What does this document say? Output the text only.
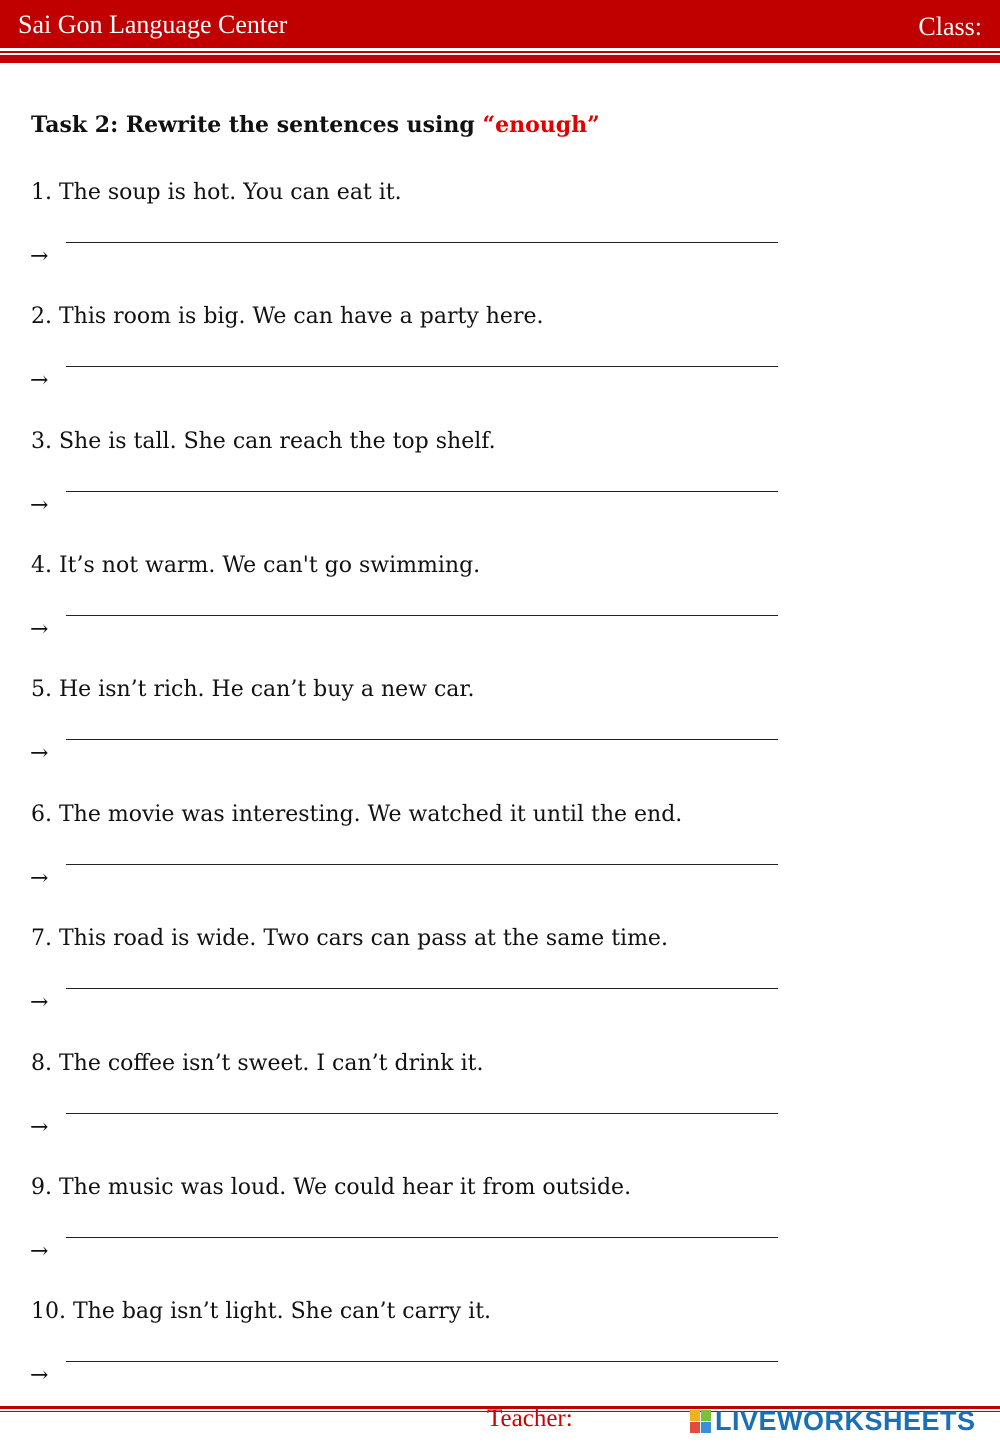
Sai Gon Language Center	Class:
Task 2: Rewrite the sentences using “enough”
1. The soup is hot. You can eat it.
→
2. This room is big. We can have a party here.
→
3. She is tall. She can reach the top shelf.
→
4. It’s not warm. We can't go swimming.
→
5. He isn’t rich. He can’t buy a new car.
→
6. The movie was interesting. We watched it until the end.
→
7. This road is wide. Two cars can pass at the same time.
→
8. The coffee isn’t sweet. I can’t drink it.
→
9. The music was loud. We could hear it from outside.
→
10. The bag isn’t light. She can’t carry it.
→
Teacher:	LIVEWORKSHEETS
